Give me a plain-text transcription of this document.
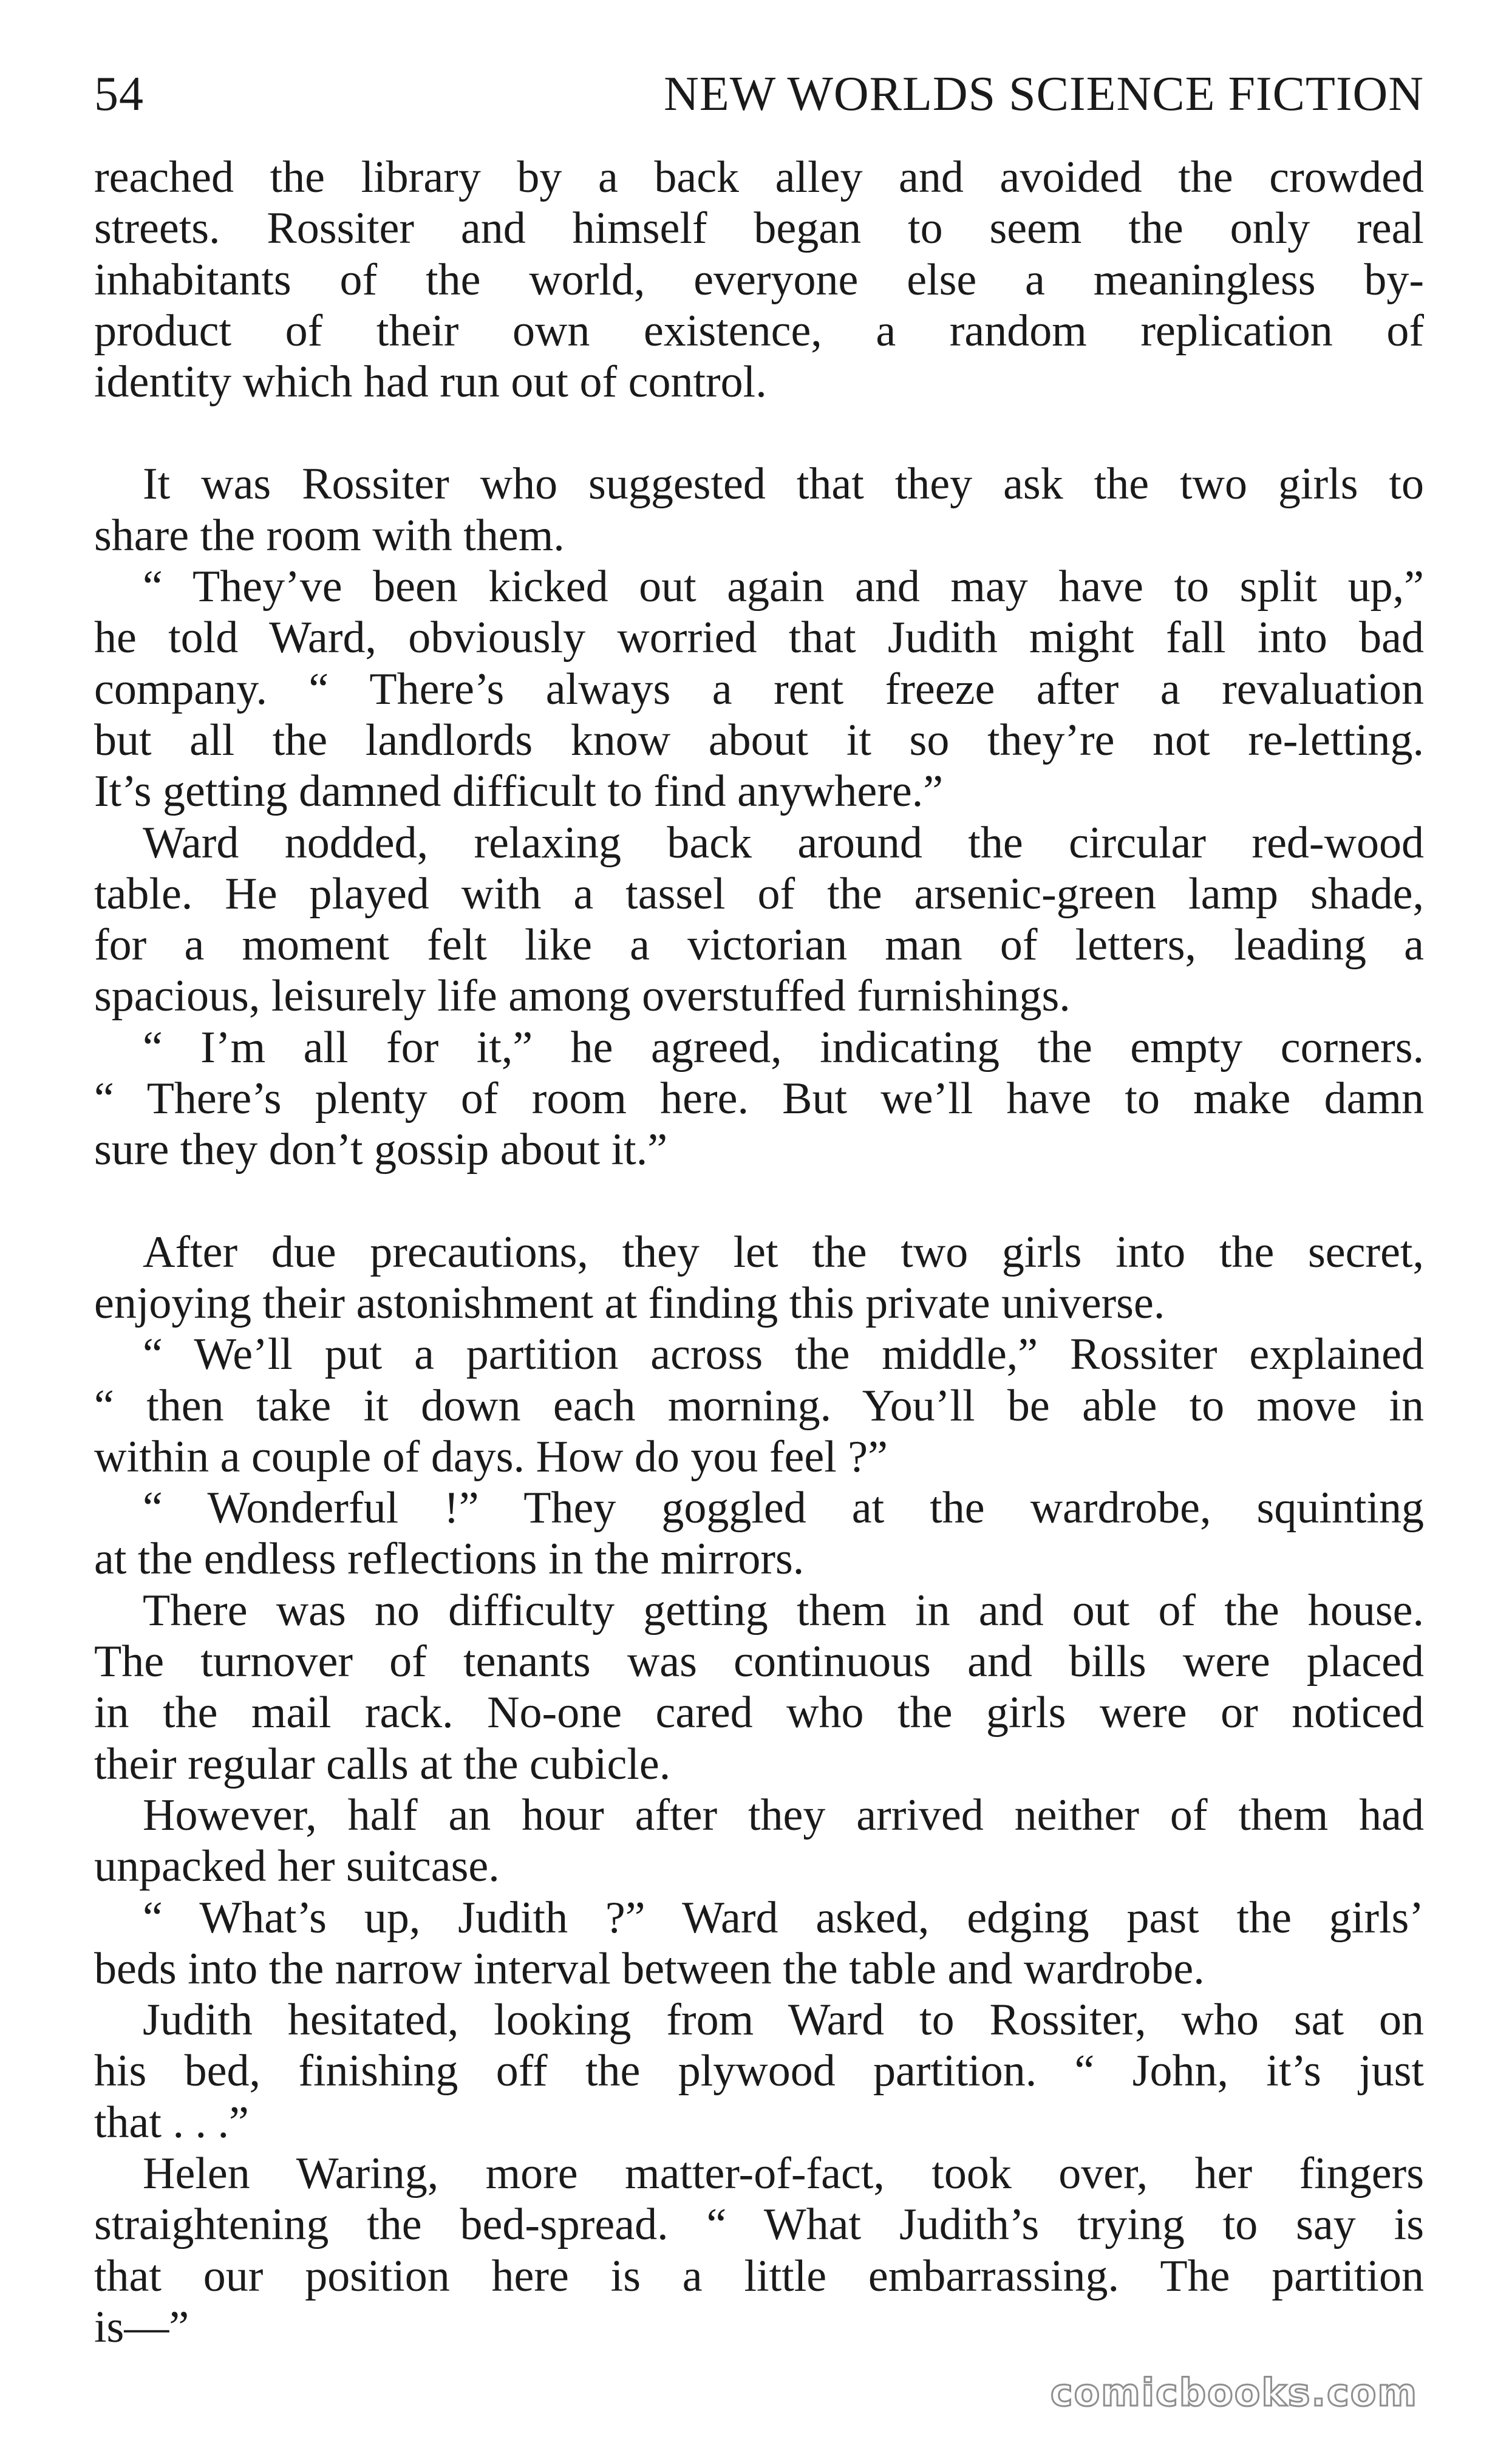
54	NEW WORLDS SCIENCE FICTION
reached the library by a back alley and avoided the crowded
streets. Rossiter and himself began to seem the only real
inhabitants of the world, everyone else a meaningless by-
product of their own existence, a random replication of
identity which had run out of control.
It was Rossiter who suggested that they ask the two girls to
share the room with them.
“ They’ve been kicked out again and may have to split up,”
he told Ward, obviously worried that Judith might fall into bad
company. “ There’s always a rent freeze after a revaluation
but all the landlords know about it so they’re not re-letting.
It’s getting damned difficult to find anywhere.”
Ward nodded, relaxing back around the circular red-wood
table. He played with a tassel of the arsenic-green lamp shade,
for a moment felt like a victorian man of letters, leading a
spacious, leisurely life among overstuffed furnishings.
“ I’m all for it,” he agreed, indicating the empty corners.
“ There’s plenty of room here. But we’ll have to make damn
sure they don’t gossip about it.”
After due precautions, they let the two girls into the secret,
enjoying their astonishment at finding this private universe.
“ We’ll put a partition across the middle,” Rossiter explained
“ then take it down each morning. You’ll be able to move in
within a couple of days. How do you feel ?”
“ Wonderful !” They goggled at the wardrobe, squinting
at the endless reflections in the mirrors.
There was no difficulty getting them in and out of the house.
The turnover of tenants was continuous and bills were placed
in the mail rack. No-one cared who the girls were or noticed
their regular calls at the cubicle.
However, half an hour after they arrived neither of them had
unpacked her suitcase.
“ What’s up, Judith ?” Ward asked, edging past the girls’
beds into the narrow interval between the table and wardrobe.
Judith hesitated, looking from Ward to Rossiter, who sat on
his bed, finishing off the plywood partition. “ John, it’s just
that . . .”
Helen Waring, more matter-of-fact, took over, her fingers
straightening the bed-spread. “ What Judith’s trying to say is
that our position here is a little embarrassing. The partition
is—”
comicbooks.com
